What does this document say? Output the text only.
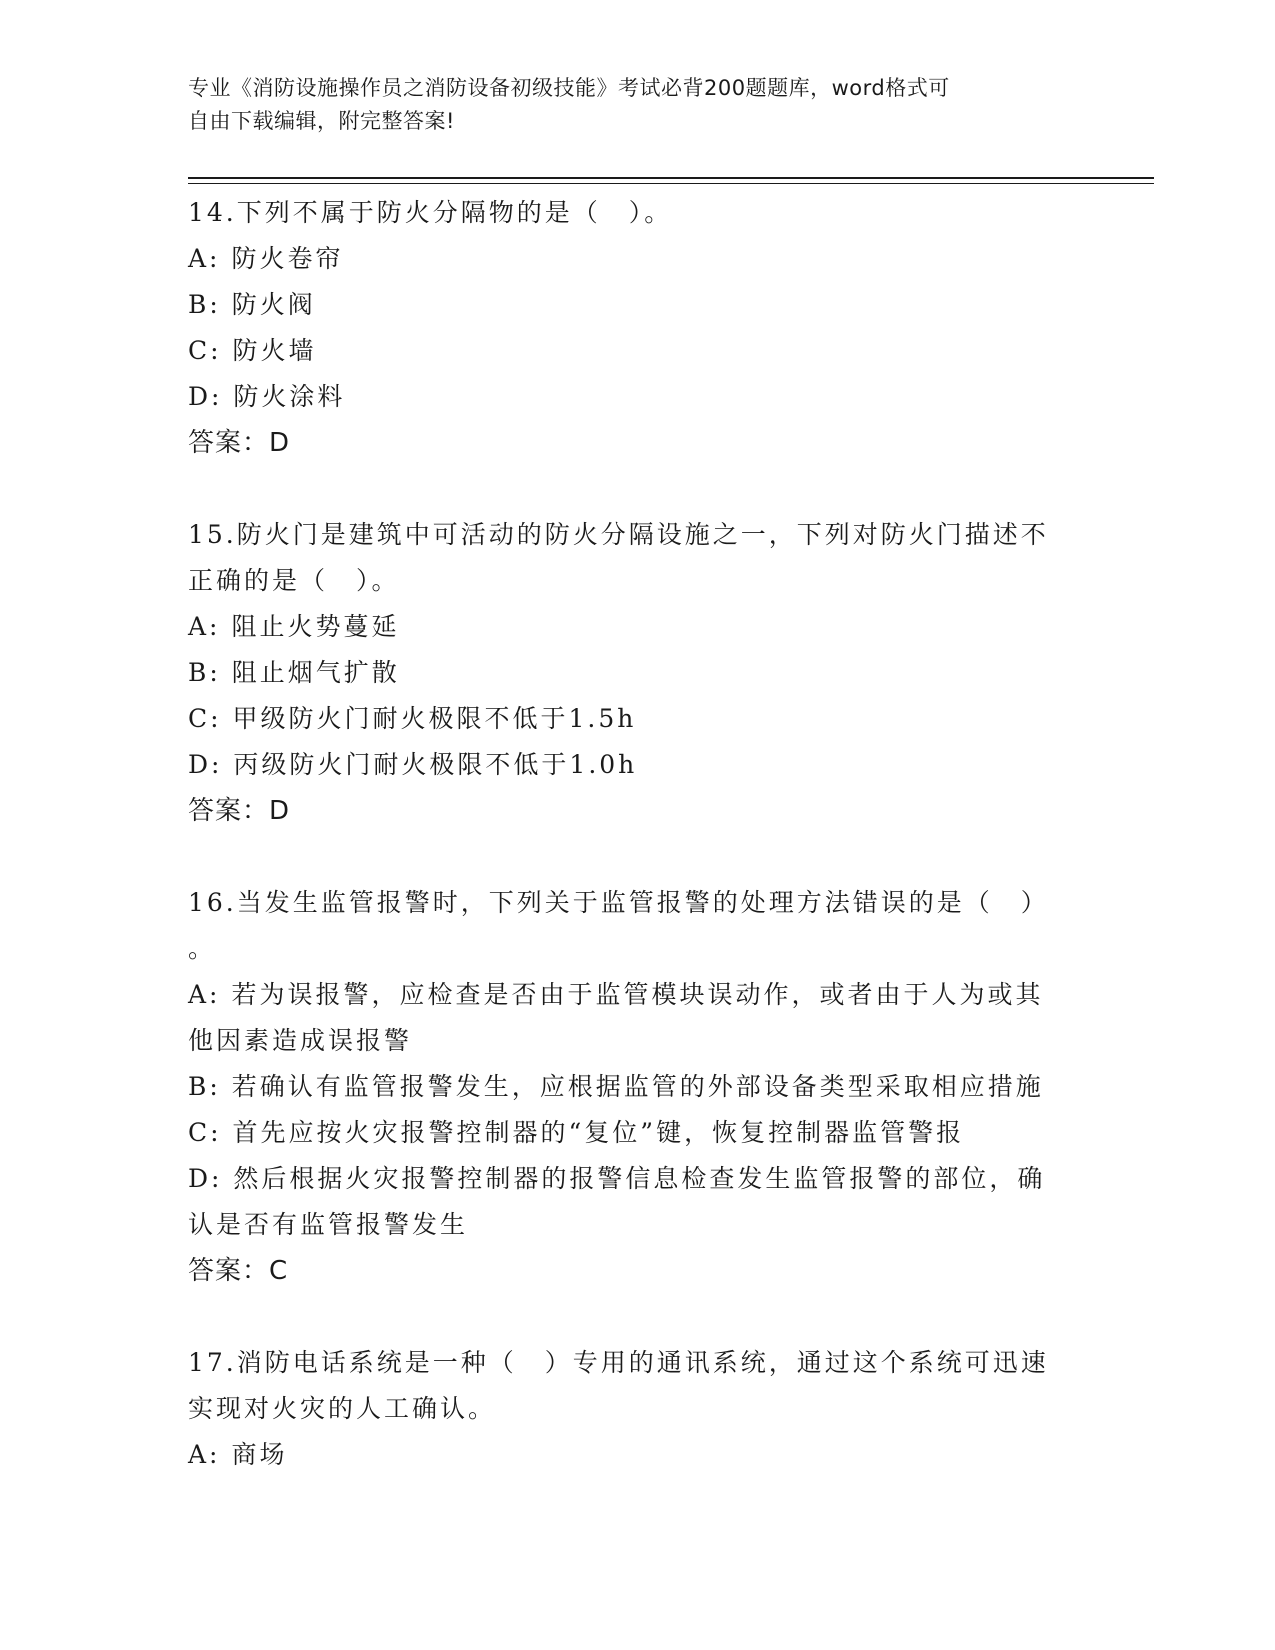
专业《消防设施操作员之消防设备初级技能》考试必背200题题库，word格式可
自由下载编辑，附完整答案!
14.下列不属于防火分隔物的是（　）。
A: 防火卷帘
B: 防火阀
C: 防火墙
D: 防火涂料
答案：D
15.防火门是建筑中可活动的防火分隔设施之一，下列对防火门描述不
正确的是（　）。
A: 阻止火势蔓延
B: 阻止烟气扩散
C: 甲级防火门耐火极限不低于1.5h
D: 丙级防火门耐火极限不低于1.0h
答案：D
16.当发生监管报警时，下列关于监管报警的处理方法错误的是（　）
。
A: 若为误报警，应检查是否由于监管模块误动作，或者由于人为或其
他因素造成误报警
B: 若确认有监管报警发生，应根据监管的外部设备类型采取相应措施
C: 首先应按火灾报警控制器的“复位”键，恢复控制器监管警报
D: 然后根据火灾报警控制器的报警信息检查发生监管报警的部位，确
认是否有监管报警发生
答案：C
17.消防电话系统是一种（　）专用的通讯系统，通过这个系统可迅速
实现对火灾的人工确认。
A: 商场
